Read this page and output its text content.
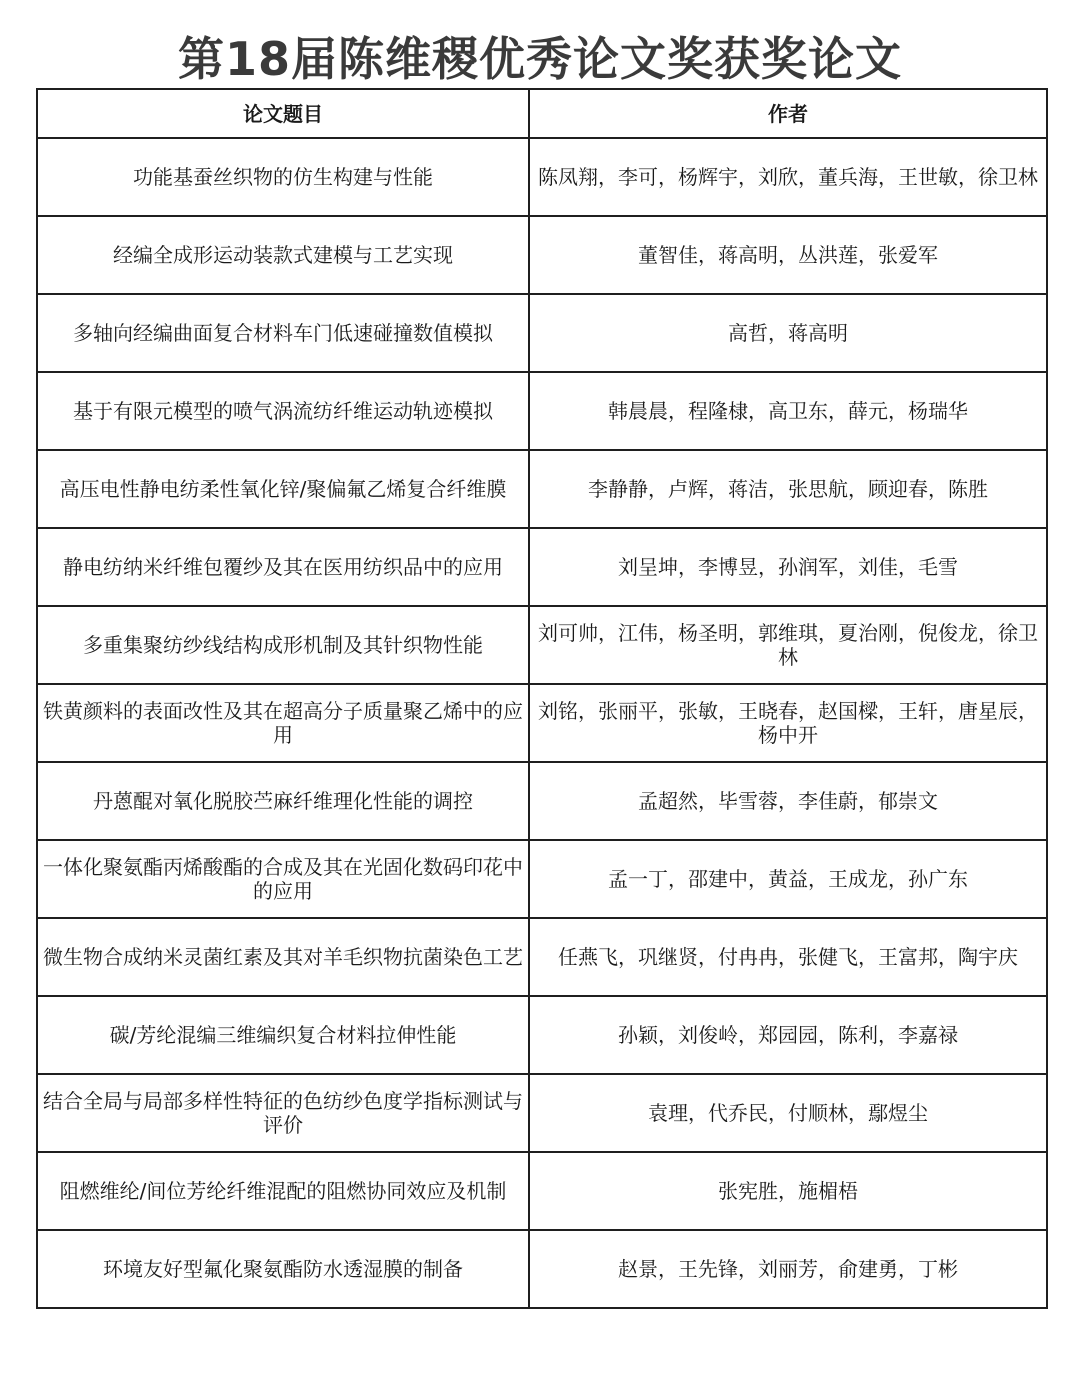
第18届陈维稷优秀论文奖获奖论文
论文题目	作者

功能基蚕丝织物的仿生构建与性能	陈凤翔，李可，杨辉宇，刘欣，董兵海，王世敏，徐卫林

经编全成形运动装款式建模与工艺实现	董智佳，蒋高明，丛洪莲，张爱军

多轴向经编曲面复合材料车门低速碰撞数值模拟	高哲，蒋高明

基于有限元模型的喷气涡流纺纤维运动轨迹模拟	韩晨晨，程隆棣，高卫东，薛元，杨瑞华

高压电性静电纺柔性氧化锌/聚偏氟乙烯复合纤维膜	李静静，卢辉，蒋洁，张思航，顾迎春，陈胜

静电纺纳米纤维包覆纱及其在医用纺织品中的应用	刘呈坤，李博昱，孙润军，刘佳，毛雪

多重集聚纺纱线结构成形机制及其针织物性能	刘可帅，江伟，杨圣明，郭维琪，夏治刚，倪俊龙，徐卫林

铁黄颜料的表面改性及其在超高分子质量聚乙烯中的应用	刘铭，张丽平，张敏，王晓春，赵国樑，王轩，唐星辰，杨中开

丹蒽醌对氧化脱胶苎麻纤维理化性能的调控	孟超然，毕雪蓉，李佳蔚，郁崇文

一体化聚氨酯丙烯酸酯的合成及其在光固化数码印花中的应用	孟一丁，邵建中，黄益，王成龙，孙广东

微生物合成纳米灵菌红素及其对羊毛织物抗菌染色工艺	任燕飞，巩继贤，付冉冉，张健飞，王富邦，陶宇庆

碳/芳纶混编三维编织复合材料拉伸性能	孙颖，刘俊岭，郑园园，陈利，李嘉禄

结合全局与局部多样性特征的色纺纱色度学指标测试与评价	袁理，代乔民，付顺林，鄢煜尘

阻燃维纶/间位芳纶纤维混配的阻燃协同效应及机制	张宪胜，施楣梧

环境友好型氟化聚氨酯防水透湿膜的制备	赵景，王先锋，刘丽芳，俞建勇，丁彬
